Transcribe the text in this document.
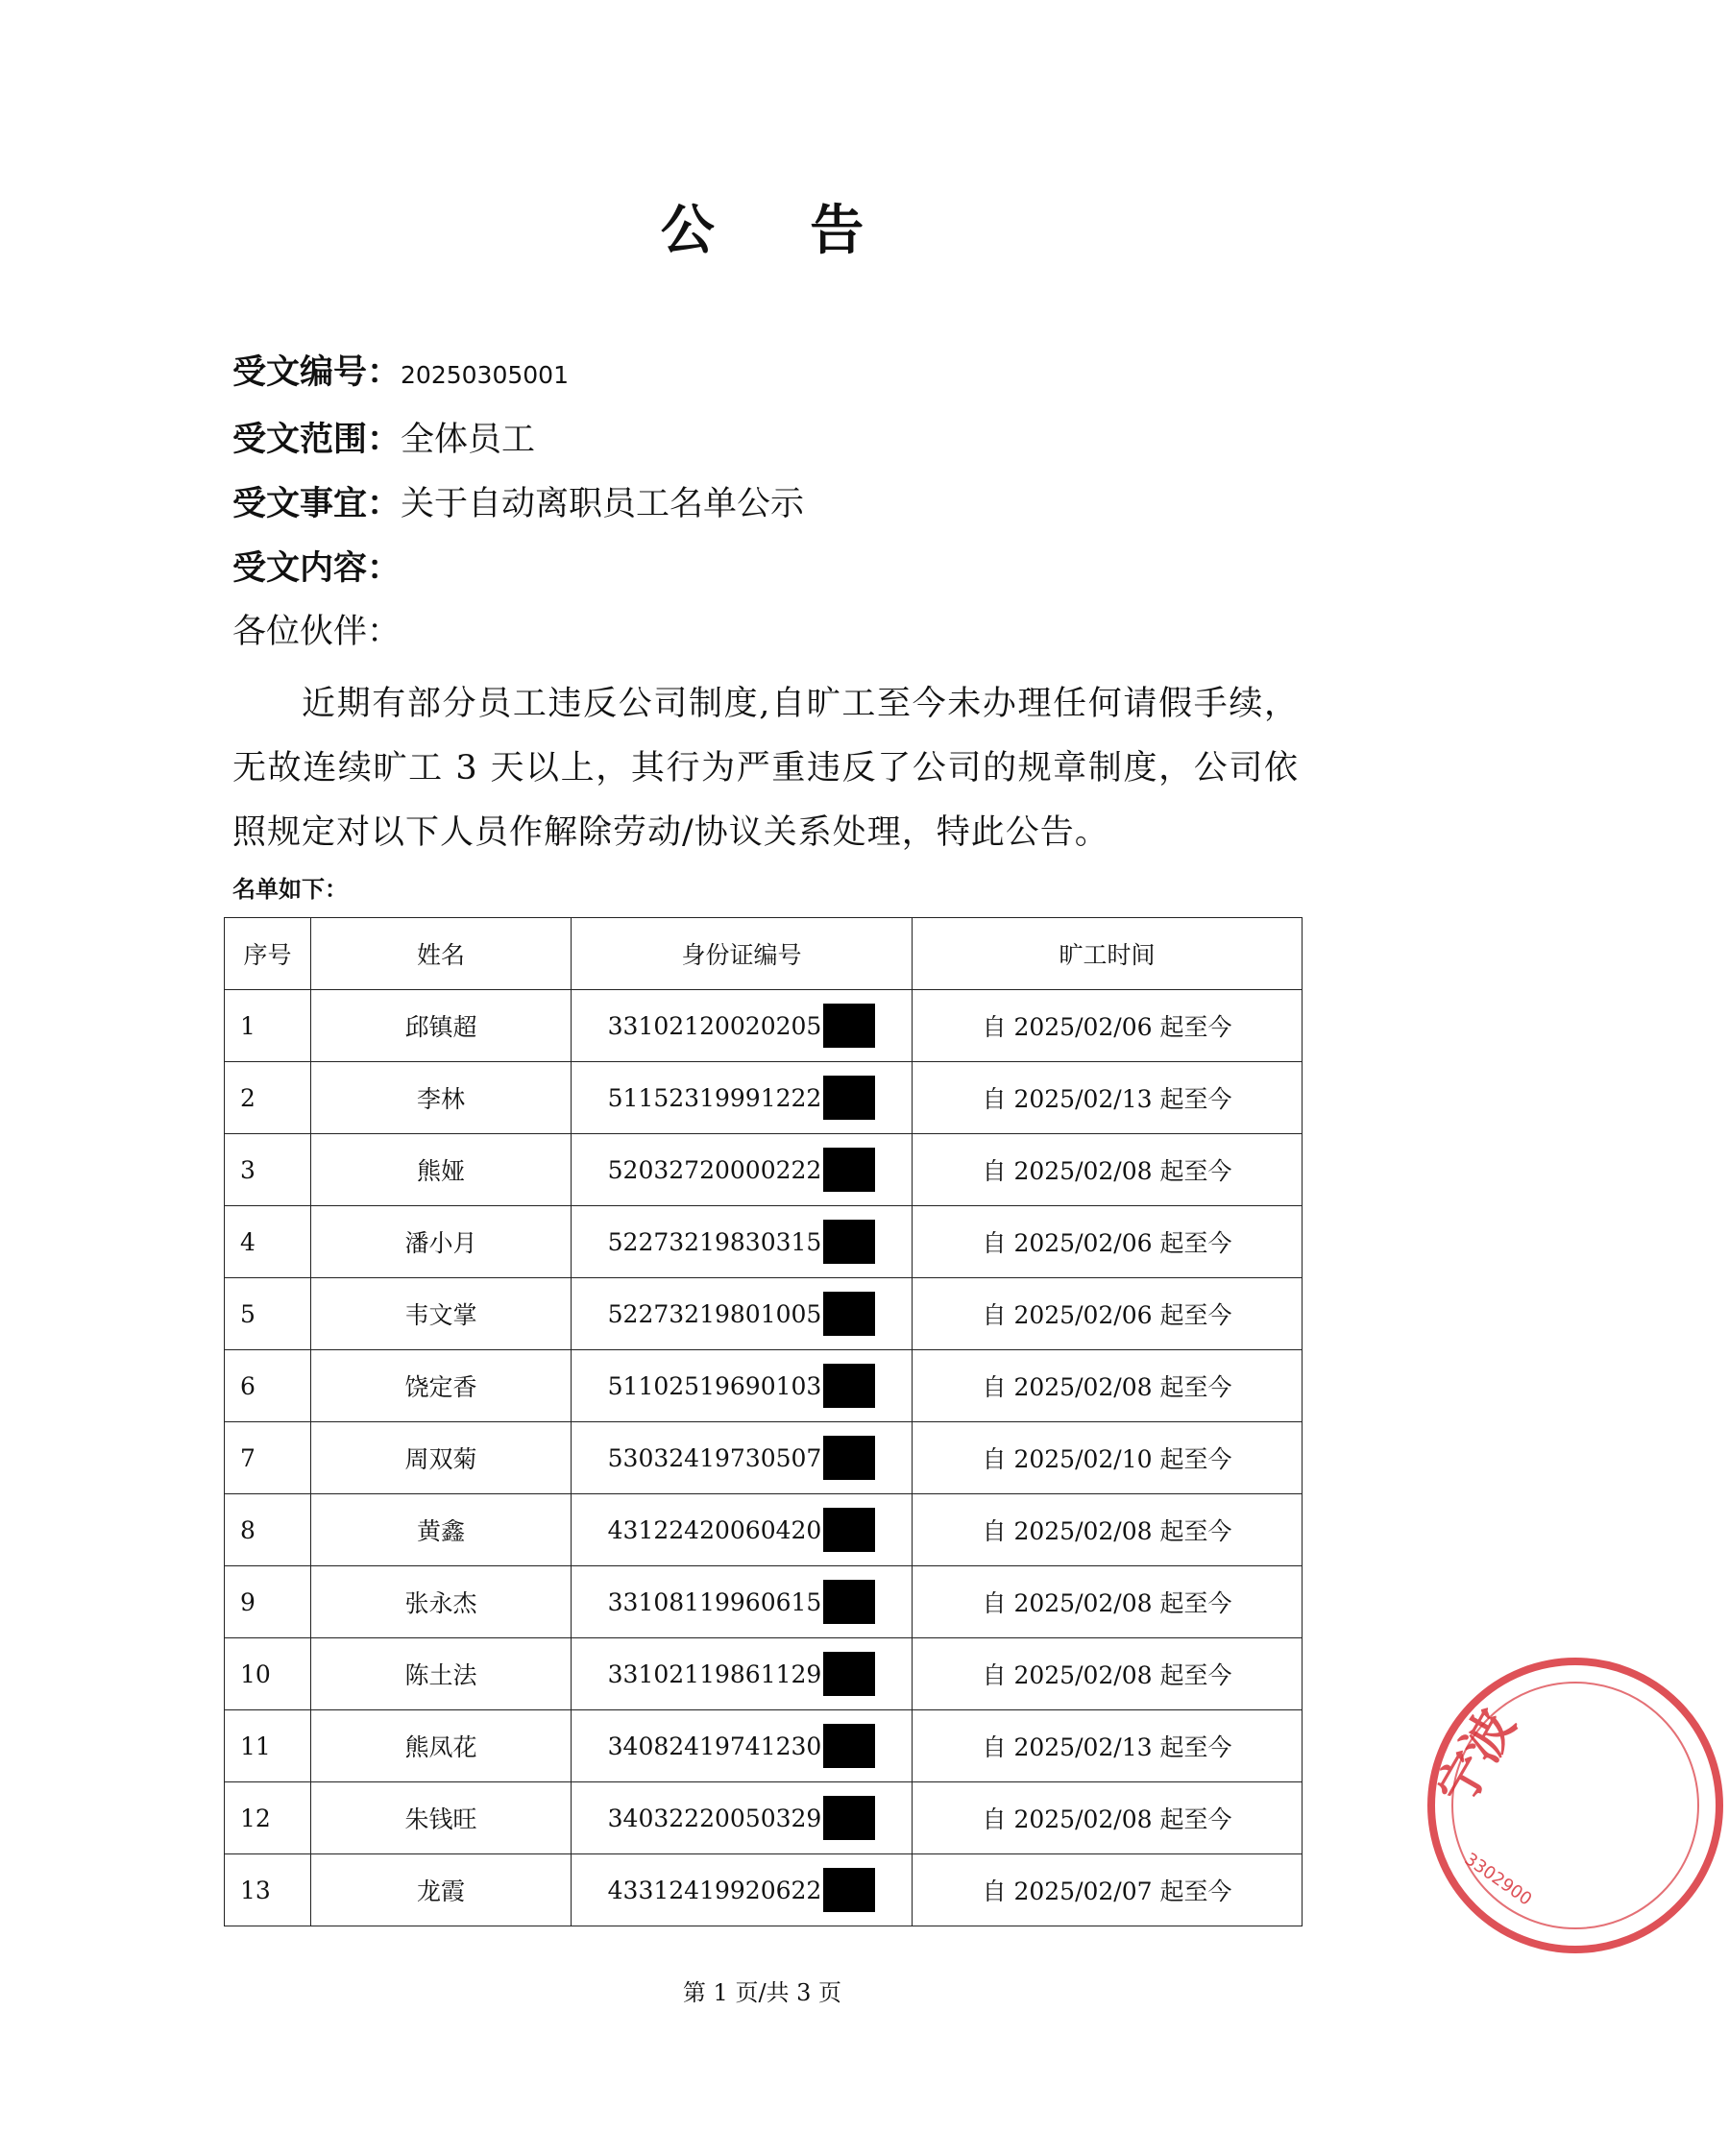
公 告
受文编号：20250305001
受文范围：全体员工
受文事宜：关于自动离职员工名单公示
受文内容：
各位伙伴：
近期有部分员工违反公司制度,自旷工至今未办理任何请假手续，无故连续旷工 3 天以上，其行为严重违反了公司的规章制度，公司依照规定对以下人员作解除劳动/协议关系处理，特此公告。
名单如下：
序号	姓名	身份证编号	旷工时间
1	邱镇超	33102120020205	自 2025/02/06 起至今
2	李林	51152319991222	自 2025/02/13 起至今
3	熊娅	52032720000222	自 2025/02/08 起至今
4	潘小月	52273219830315	自 2025/02/06 起至今
5	韦文掌	52273219801005	自 2025/02/06 起至今
6	饶定香	51102519690103	自 2025/02/08 起至今
7	周双菊	53032419730507	自 2025/02/10 起至今
8	黄鑫	43122420060420	自 2025/02/08 起至今
9	张永杰	33108119960615	自 2025/02/08 起至今
10	陈土法	33102119861129	自 2025/02/08 起至今
11	熊凤花	34082419741230	自 2025/02/13 起至今
12	朱钱旺	34032220050329	自 2025/02/08 起至今
13	龙霞	43312419920622	自 2025/02/07 起至今
第 1 页/共 3 页
宁波
3302900
